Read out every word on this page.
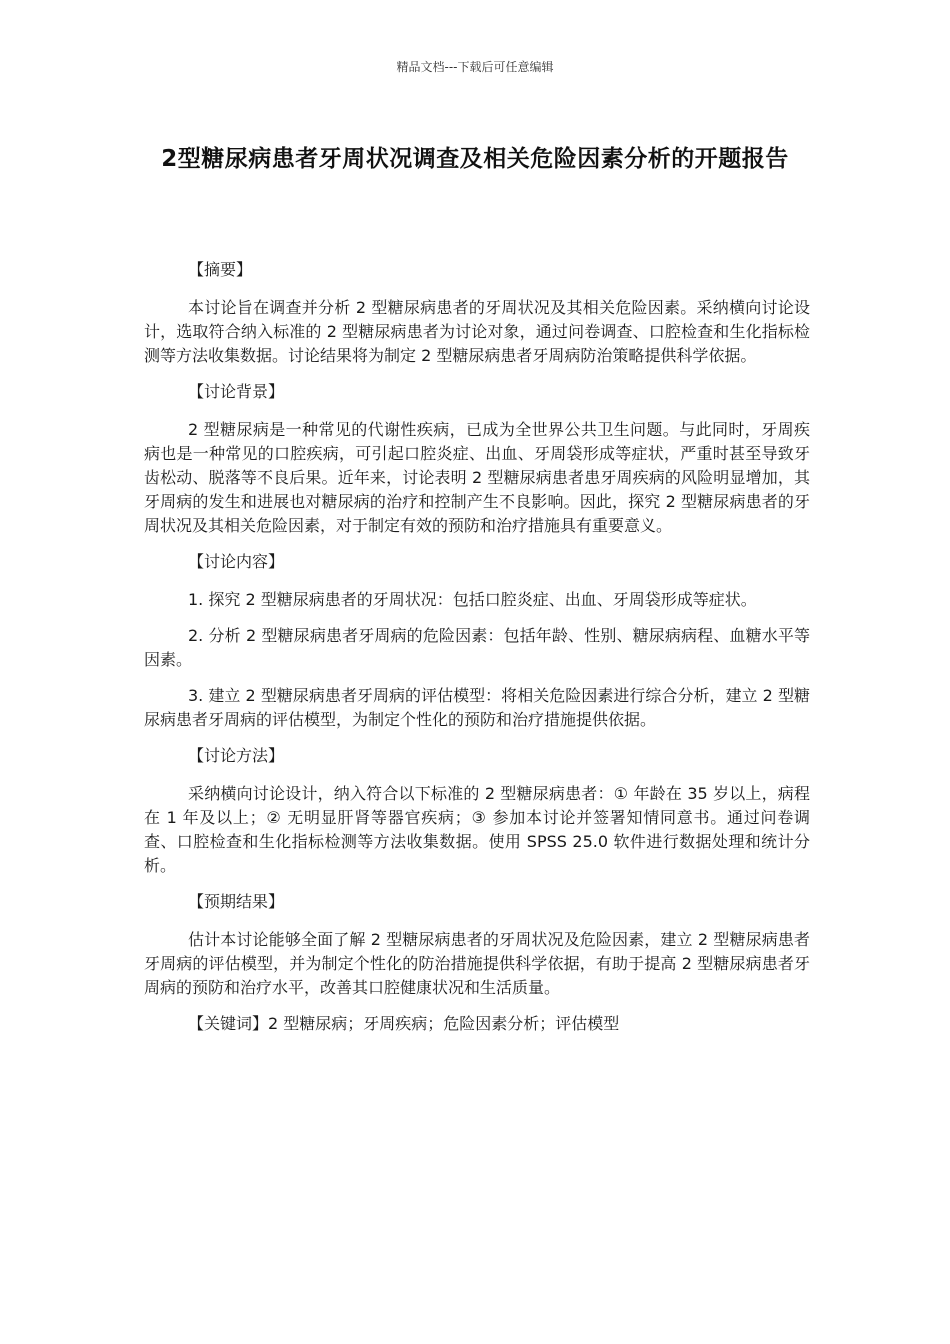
精品文档---下载后可任意编辑
2型糖尿病患者牙周状况调查及相关危险因素分析的开题报告

【摘要】

本讨论旨在调查并分析 2 型糖尿病患者的牙周状况及其相关危险因素。采纳横向讨论设计，选取符合纳入标准的 2 型糖尿病患者为讨论对象，通过问卷调查、口腔检查和生化指标检测等方法收集数据。讨论结果将为制定 2 型糖尿病患者牙周病防治策略提供科学依据。

【讨论背景】

2 型糖尿病是一种常见的代谢性疾病，已成为全世界公共卫生问题。与此同时，牙周疾病也是一种常见的口腔疾病，可引起口腔炎症、出血、牙周袋形成等症状，严重时甚至导致牙齿松动、脱落等不良后果。近年来，讨论表明 2 型糖尿病患者患牙周疾病的风险明显增加，其牙周病的发生和进展也对糖尿病的治疗和控制产生不良影响。因此，探究 2 型糖尿病患者的牙周状况及其相关危险因素，对于制定有效的预防和治疗措施具有重要意义。

【讨论内容】

1. 探究 2 型糖尿病患者的牙周状况：包括口腔炎症、出血、牙周袋形成等症状。

2. 分析 2 型糖尿病患者牙周病的危险因素：包括年龄、性别、糖尿病病程、血糖水平等因素。

3. 建立 2 型糖尿病患者牙周病的评估模型：将相关危险因素进行综合分析，建立 2 型糖尿病患者牙周病的评估模型，为制定个性化的预防和治疗措施提供依据。

【讨论方法】

采纳横向讨论设计，纳入符合以下标准的 2 型糖尿病患者：① 年龄在 35 岁以上，病程在 1 年及以上；② 无明显肝肾等器官疾病；③ 参加本讨论并签署知情同意书。通过问卷调查、口腔检查和生化指标检测等方法收集数据。使用 SPSS 25.0 软件进行数据处理和统计分析。

【预期结果】

估计本讨论能够全面了解 2 型糖尿病患者的牙周状况及危险因素，建立 2 型糖尿病患者牙周病的评估模型，并为制定个性化的防治措施提供科学依据，有助于提高 2 型糖尿病患者牙周病的预防和治疗水平，改善其口腔健康状况和生活质量。

【关键词】2 型糖尿病；牙周疾病；危险因素分析；评估模型
